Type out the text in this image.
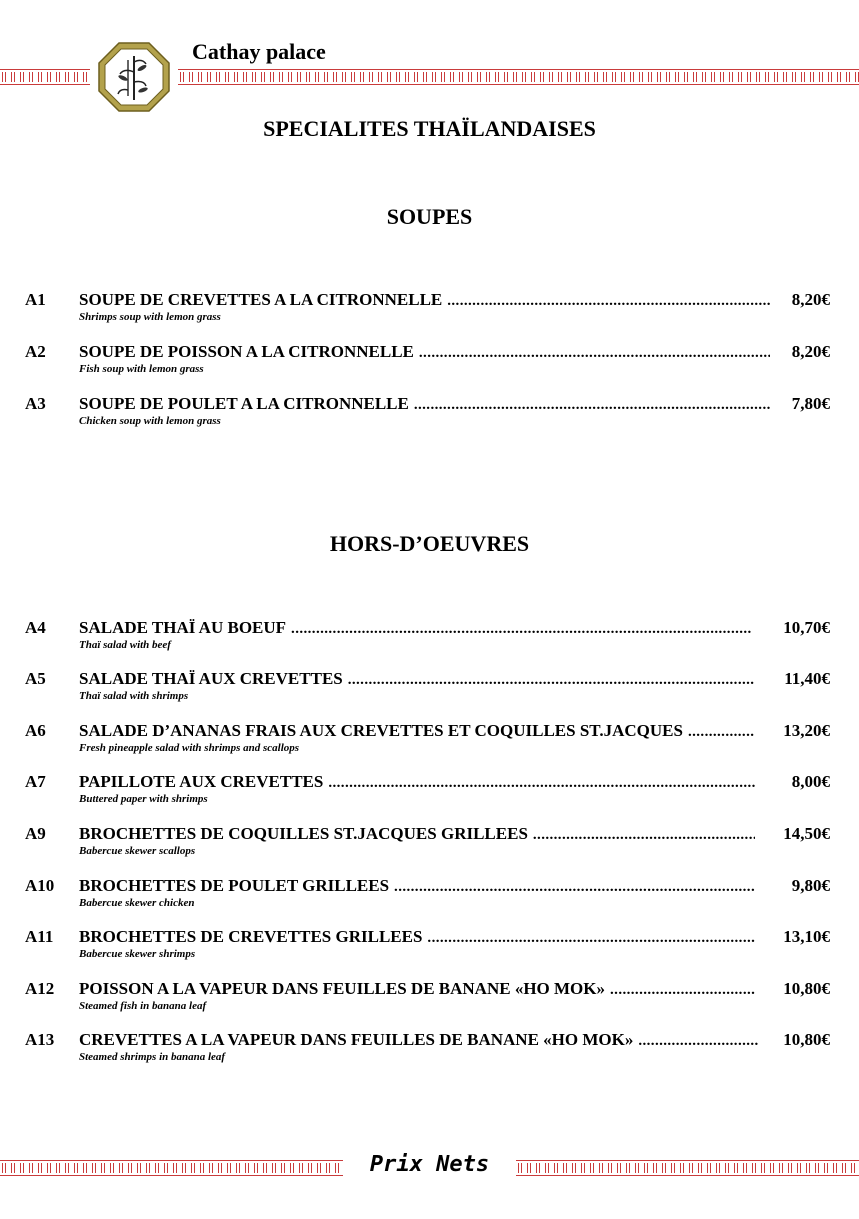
Cathay palace
SPECIALITES THAÏLANDAISES
SOUPES
A1 SOUPE DE CREVETTES A LA CITRONNELLE .....	8,20€
Shrimps soup with lemon grass
A2 SOUPE DE POISSON A LA CITRONNELLE .....	8,20€
Fish soup with lemon grass
A3 SOUPE DE POULET A LA CITRONNELLE .....	7,80€
Chicken soup with lemon grass
HORS-D’OEUVRES
A4 SALADE THAÏ AU BOEUF .....	10,70€
Thaï salad with beef
A5 SALADE THAÏ AUX CREVETTES .....	11,40€
Thaï salad with shrimps
A6 SALADE D’ANANAS FRAIS AUX CREVETTES ET COQUILLES ST.JACQUES .....	13,20€
Fresh pineapple salad with shrimps and scallops
A7 PAPILLOTE AUX CREVETTES .....	8,00€
Buttered paper with shrimps
A9 BROCHETTES DE COQUILLES ST.JACQUES GRILLEES .....	14,50€
Babercue skewer scallops
A10 BROCHETTES DE POULET GRILLEES .....	9,80€
Babercue skewer chicken
A11 BROCHETTES DE CREVETTES GRILLEES .....	13,10€
Babercue skewer shrimps
A12 POISSON A LA VAPEUR DANS FEUILLES DE BANANE «HO MOK» .....	10,80€
Steamed fish in banana leaf
A13 CREVETTES A LA VAPEUR DANS FEUILLES DE BANANE «HO MOK» .....	10,80€
Steamed shrimps in banana leaf
Prix Nets
